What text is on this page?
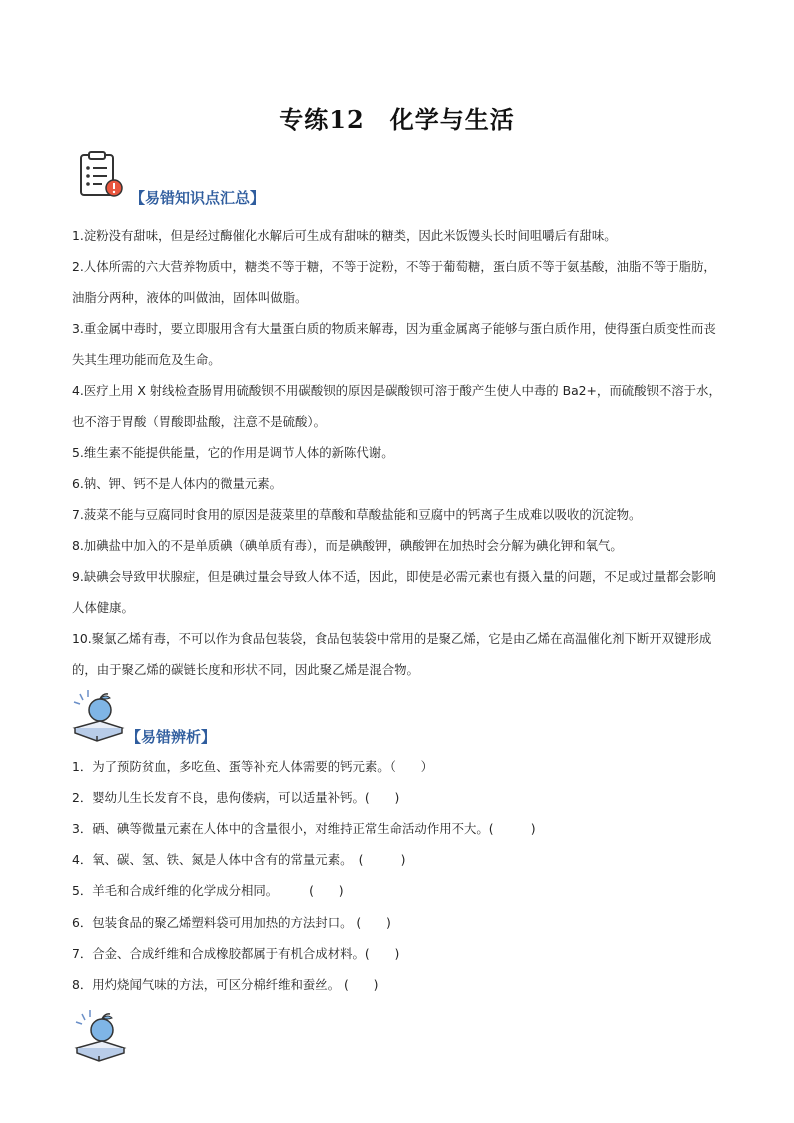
专练12　化学与生活
【易错知识点汇总】

1.淀粉没有甜味，但是经过酶催化水解后可生成有甜味的糖类，因此米饭馒头长时间咀嚼后有甜味。

2.人体所需的六大营养物质中，糖类不等于糖，不等于淀粉，不等于葡萄糖，蛋白质不等于氨基酸，油脂不等于脂肪，油脂分两种，液体的叫做油，固体叫做脂。

3.重金属中毒时，要立即服用含有大量蛋白质的物质来解毒，因为重金属离子能够与蛋白质作用，使得蛋白质变性而丧失其生理功能而危及生命。

4.医疗上用 X 射线检查肠胃用硫酸钡不用碳酸钡的原因是碳酸钡可溶于酸产生使人中毒的 Ba2+，而硫酸钡不溶于水，也不溶于胃酸（胃酸即盐酸，注意不是硫酸）。

5.维生素不能提供能量，它的作用是调节人体的新陈代谢。

6.钠、钾、钙不是人体内的微量元素。

7.菠菜不能与豆腐同时食用的原因是菠菜里的草酸和草酸盐能和豆腐中的钙离子生成难以吸收的沉淀物。

8.加碘盐中加入的不是单质碘（碘单质有毒），而是碘酸钾，碘酸钾在加热时会分解为碘化钾和氧气。

9.缺碘会导致甲状腺症，但是碘过量会导致人体不适，因此，即使是必需元素也有摄入量的问题，不足或过量都会影响人体健康。

10.聚氯乙烯有毒，不可以作为食品包装袋，食品包装袋中常用的是聚乙烯，它是由乙烯在高温催化剂下断开双键形成的，由于聚乙烯的碳链长度和形状不同，因此聚乙烯是混合物。

【易错辨析】

1．为了预防贫血，多吃鱼、蛋等补充人体需要的钙元素。（　　）

2．婴幼儿生长发育不良，患佝偻病，可以适量补钙。(　　)

3．硒、碘等微量元素在人体中的含量很小，对维持正常生命活动作用不大。(　　　)

4．氧、碳、氢、铁、氮是人体中含有的常量元素。　(　　　)

5．羊毛和合成纤维的化学成分相同。　　　(　　)

6．包装食品的聚乙烯塑料袋可用加热的方法封口。 (　　)

7．合金、合成纤维和合成橡胶都属于有机合成材料。(　　)

8．用灼烧闻气味的方法，可区分棉纤维和蚕丝。 (　　)
